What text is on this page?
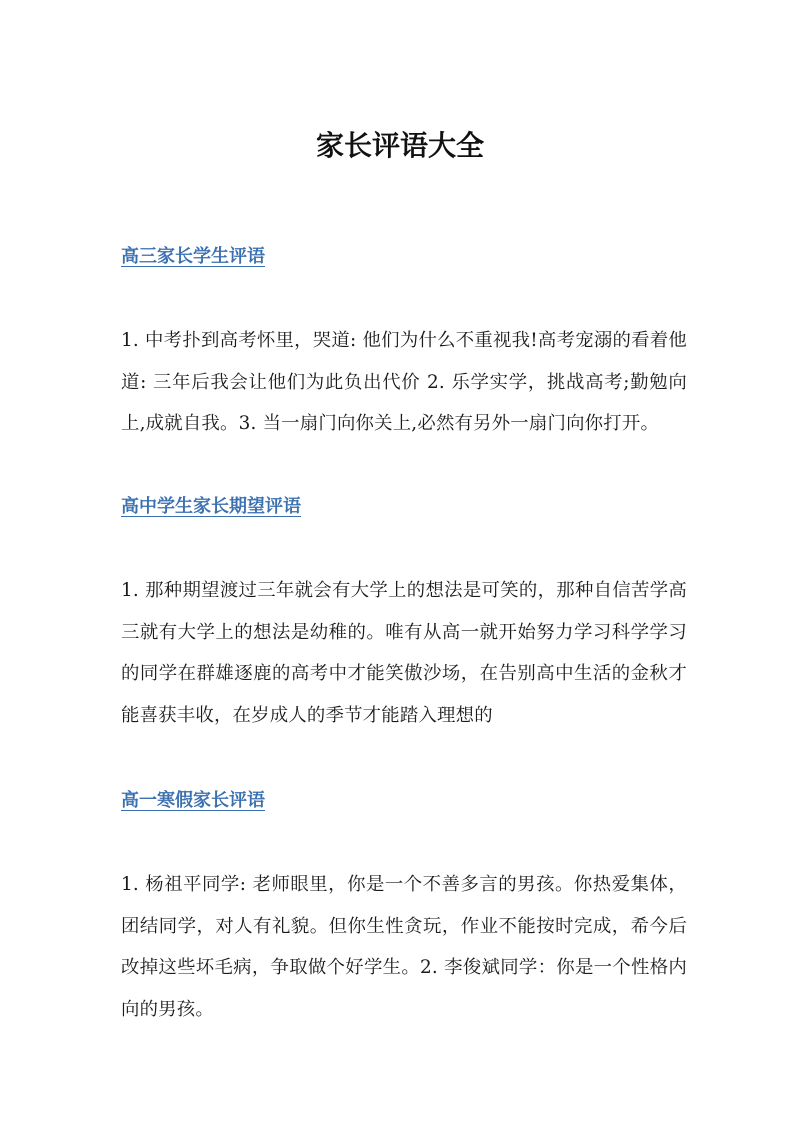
家长评语大全
高三家长学生评语

1. 中考扑到高考怀里，哭道: 他们为什么不重视我!高考宠溺的看着他道: 三年后我会让他们为此负出代价 2. 乐学实学，挑战高考;勤勉向上,成就自我。3. 当一扇门向你关上,必然有另外一扇门向你打开。

高中学生家长期望评语

1. 那种期望渡过三年就会有大学上的想法是可笑的，那种自信苦学高三就有大学上的想法是幼稚的。唯有从高一就开始努力学习科学学习的同学在群雄逐鹿的高考中才能笑傲沙场，在告别高中生活的金秋才能喜获丰收，在岁成人的季节才能踏入理想的

高一寒假家长评语

1. 杨祖平同学: 老师眼里，你是一个不善多言的男孩。你热爱集体，团结同学，对人有礼貌。但你生性贪玩，作业不能按时完成，希今后改掉这些坏毛病，争取做个好学生。2. 李俊斌同学：你是一个性格内向的男孩。
